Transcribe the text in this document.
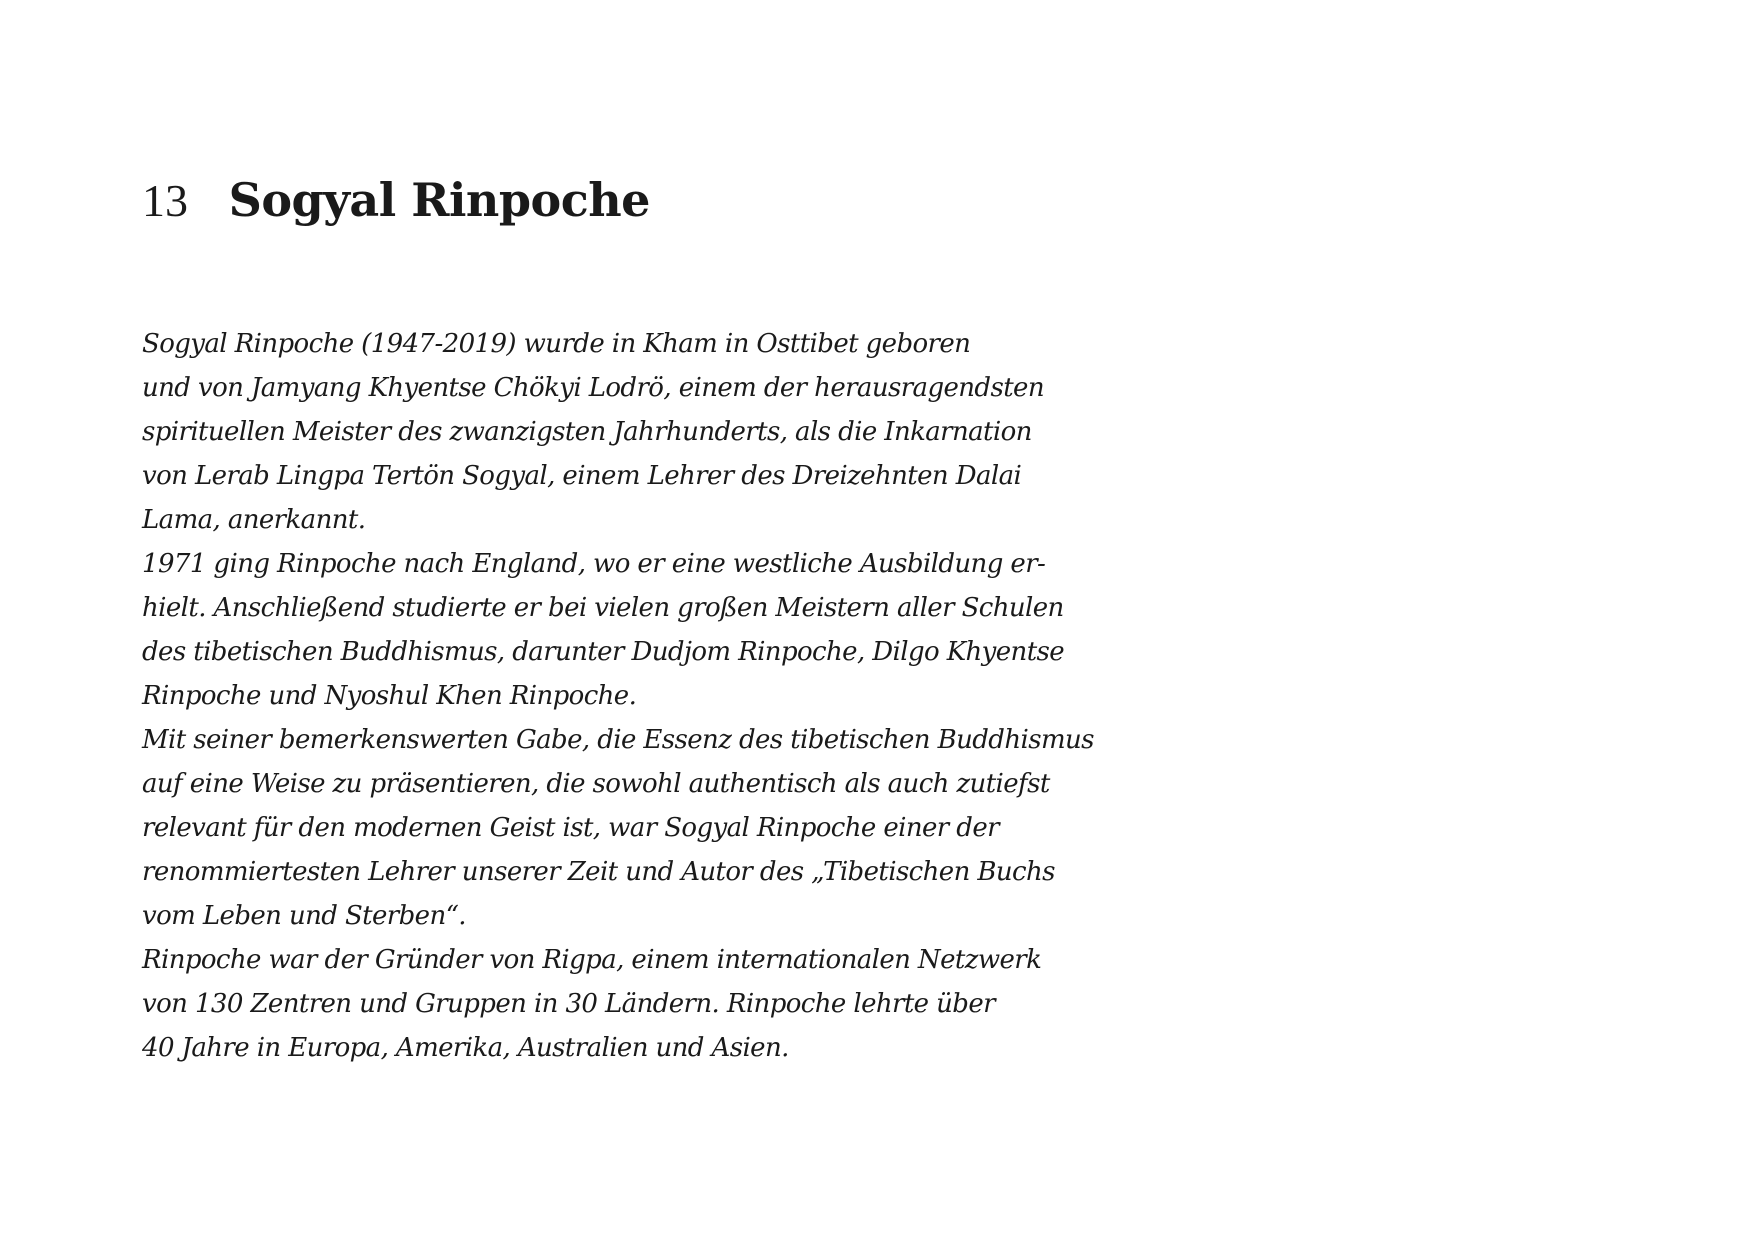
13 Sogyal Rinpoche
Sogyal Rinpoche (1947-2019) wurde in Kham in Osttibet geboren
und von Jamyang Khyentse Chökyi Lodrö, einem der herausragendsten
spirituellen Meister des zwanzigsten Jahrhunderts, als die Inkarnation
von Lerab Lingpa Tertön Sogyal, einem Lehrer des Dreizehnten Dalai
Lama, anerkannt.
1971 ging Rinpoche nach England, wo er eine westliche Ausbildung er-
hielt. Anschließend studierte er bei vielen großen Meistern aller Schulen
des tibetischen Buddhismus, darunter Dudjom Rinpoche, Dilgo Khyentse
Rinpoche und Nyoshul Khen Rinpoche.
Mit seiner bemerkenswerten Gabe, die Essenz des tibetischen Buddhismus
auf eine Weise zu präsentieren, die sowohl authentisch als auch zutiefst
relevant für den modernen Geist ist, war Sogyal Rinpoche einer der
renommiertesten Lehrer unserer Zeit und Autor des „Tibetischen Buchs
vom Leben und Sterben“.
Rinpoche war der Gründer von Rigpa, einem internationalen Netzwerk
von 130 Zentren und Gruppen in 30 Ländern. Rinpoche lehrte über
40 Jahre in Europa, Amerika, Australien und Asien.
